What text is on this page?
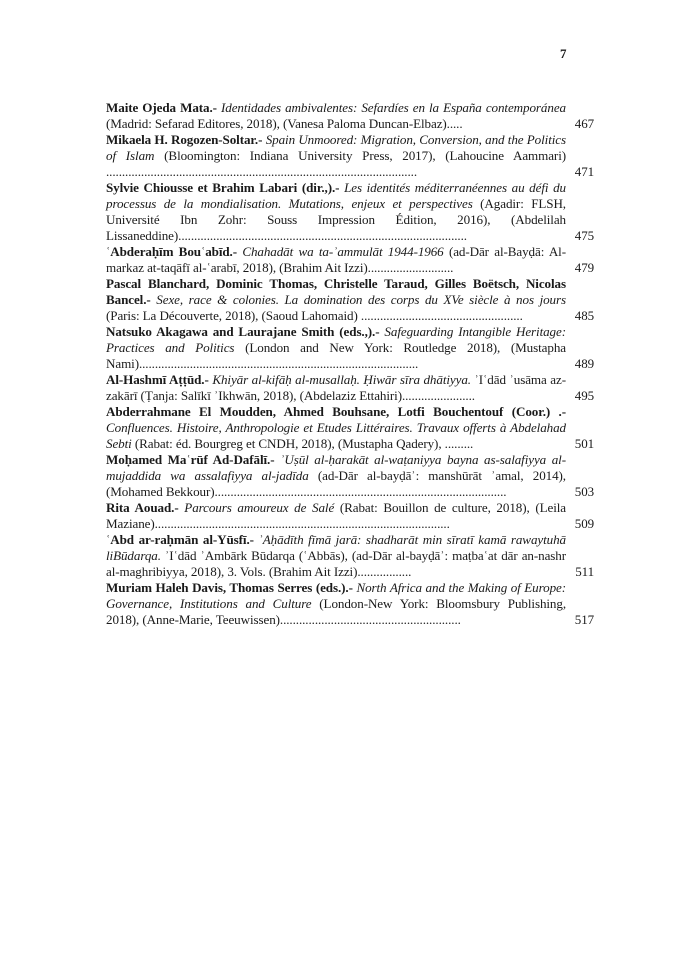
7
Maite Ojeda Mata.- Identidades ambivalentes: Sefardíes en la España contemporánea (Madrid: Sefarad Editores, 2018), (Vanesa Paloma Duncan-Elbaz).....	467
Mikaela H. Rogozen-Soltar.- Spain Unmoored: Migration, Conversion, and the Politics of Islam (Bloomington: Indiana University Press, 2017), (Lahoucine Aammari) ..................................................................................................	471
Sylvie Chiousse et Brahim Labari (dir.,).- Les identités méditerranéennes au défi du processus de la mondialisation. Mutations, enjeux et perspectives (Agadir: FLSH, Université Ibn Zohr: Souss Impression Édition, 2016), (Abdelilah Lissaneddine)...........................................................................................	475
ʿAbderaḥīm Bouʿabīd.- Chahadāt wa ta-ʾammulāt 1944-1966 (ad-Dār al-Bayḍā: Al-markaz at-taqāfī al-ʿarabī, 2018), (Brahim Ait Izzi)...........................	479
Pascal Blanchard, Dominic Thomas, Christelle Taraud, Gilles Boëtsch, Nicolas Bancel.- Sexe, race & colonies. La domination des corps du XVe siècle à nos jours (Paris: La Découverte, 2018), (Saoud Lahomaid) ...................................................	485
Natsuko Akagawa and Laurajane Smith (eds.,).- Safeguarding Intangible Heritage: Practices and Politics (London and New York: Routledge 2018), (Mustapha Nami)........................................................................................	489
Al-Hashmī Aṭṭūd.- Khiyār al-kifāḥ al-musallaḥ. Ḥiwār sīra dhātiyya. ʾIʿdād ʾusāma az-zakārī (Ṭanja: Salīkī ʾIkhwān, 2018), (Abdelaziz Ettahiri).......................	495
Abderrahmane El Moudden, Ahmed Bouhsane, Lotfi Bouchentouf (Coor.) .- Confluences. Histoire, Anthropologie et Etudes Littéraires. Travaux offerts à Abdelahad Sebti (Rabat: éd. Bourgreg et CNDH, 2018), (Mustapha Qadery), .........	501
Moḥamed Maʿrūf Ad-Dafālī.- ʾUṣūl al-ḥarakāt al-waṭaniyya bayna as-salafiyya al-mujaddida wa assalafiyya al-jadīda (ad-Dār al-bayḍāʾ: manshūrāt ʾamal, 2014), (Mohamed Bekkour)............................................................................................	503
Rita Aouad.- Parcours amoureux de Salé (Rabat: Bouillon de culture, 2018), (Leila Maziane).............................................................................................	509
ʿAbd ar-raḥmān al-Yūsfī.- ʾAḥādīth fīmā jarā: shadharāt min sīratī kamā rawaytuhā liBūdarqa. ʾIʿdād ʾAmbārk Būdarqa (ʿAbbās), (ad-Dār al-bayḍāʾ: maṭbaʿat dār an-nashr al-maghribiyya, 2018), 3. Vols. (Brahim Ait Izzi).................	511
Muriam Haleh Davis, Thomas Serres (eds.).- North Africa and the Making of Europe: Governance, Institutions and Culture (London-New York: Bloomsbury Publishing, 2018), (Anne-Marie, Teeuwissen).........................................................	517
